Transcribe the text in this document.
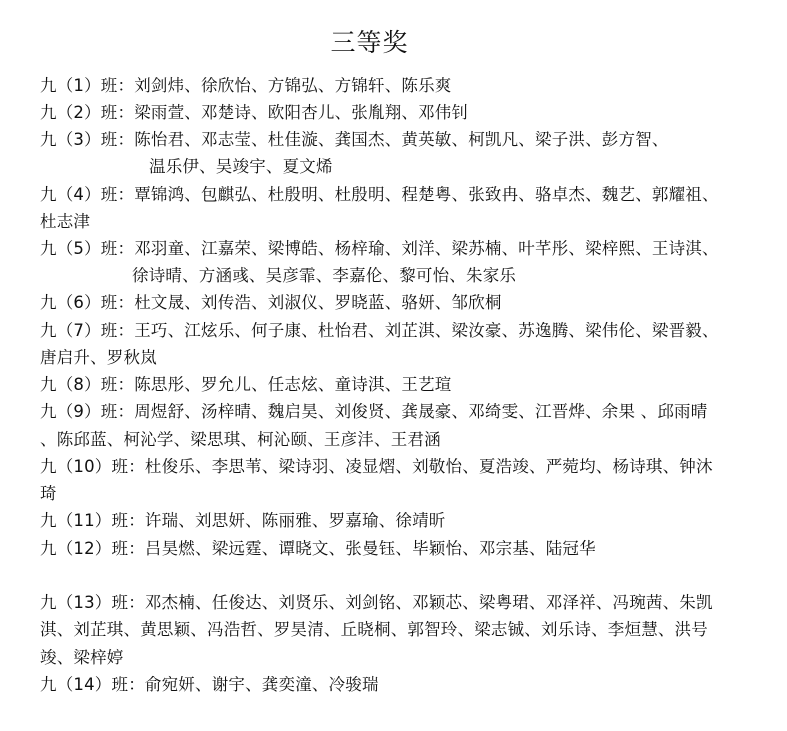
三等奖
九（1）班：刘剑炜、徐欣怡、方锦弘、方锦轩、陈乐爽
九（2）班：梁雨萱、邓楚诗、欧阳杏儿、张胤翔、邓伟钊
九（3）班：陈怡君、邓志莹、杜佳漩、龚国杰、黄英敏、柯凯凡、梁子洪、彭方智、
温乐伊、吴竣宇、夏文烯
九（4）班：覃锦鸿、包麒弘、杜殷明、杜殷明、程楚粤、张致冉、骆卓杰、魏艺、郭耀祖、
杜志津
九（5）班：邓羽童、江嘉荣、梁博皓、杨梓瑜、刘洋、梁苏楠、叶芊彤、梁梓熙、王诗淇、
徐诗晴、方涵彧、吴彦霏、李嘉伦、黎可怡、朱家乐
九（6）班：杜文晟、刘传浩、刘淑仪、罗晓蓝、骆妍、邹欣桐
九（7）班：王巧、江炫乐、何子康、杜怡君、刘芷淇、梁汝豪、苏逸腾、梁伟伦、梁晋毅、
唐启升、罗秋岚
九（8）班：陈思彤、罗允儿、任志炫、童诗淇、王艺瑄
九（9）班：周煜舒、汤梓晴、魏启昊、刘俊贤、龚晟豪、邓绮雯、江晋烨、余果 、邱雨晴
、陈邱蓝、柯沁学、梁思琪、柯沁颐、王彦沣、王君涵
九（10）班：杜俊乐、李思苇、梁诗羽、凌显熠、刘敬怡、夏浩竣、严菀均、杨诗琪、钟沐
琦
九（11）班：许瑞、刘思妍、陈丽雅、罗嘉瑜、徐靖昕
九（12）班：吕昊燃、梁远霆、谭晓文、张曼钰、毕颖怡、邓宗基、陆冠华
九（13）班：邓杰楠、任俊达、刘贤乐、刘剑铭、邓颖芯、梁粤珺、邓泽祥、冯琬茜、朱凯
淇、刘芷琪、黄思颖、冯浩哲、罗昊清、丘晓桐、郭智玲、梁志铖、刘乐诗、李烜慧、洪号
竣、梁梓婷
九（14）班：俞宛妍、谢宇、龚奕潼、冷骏瑞
